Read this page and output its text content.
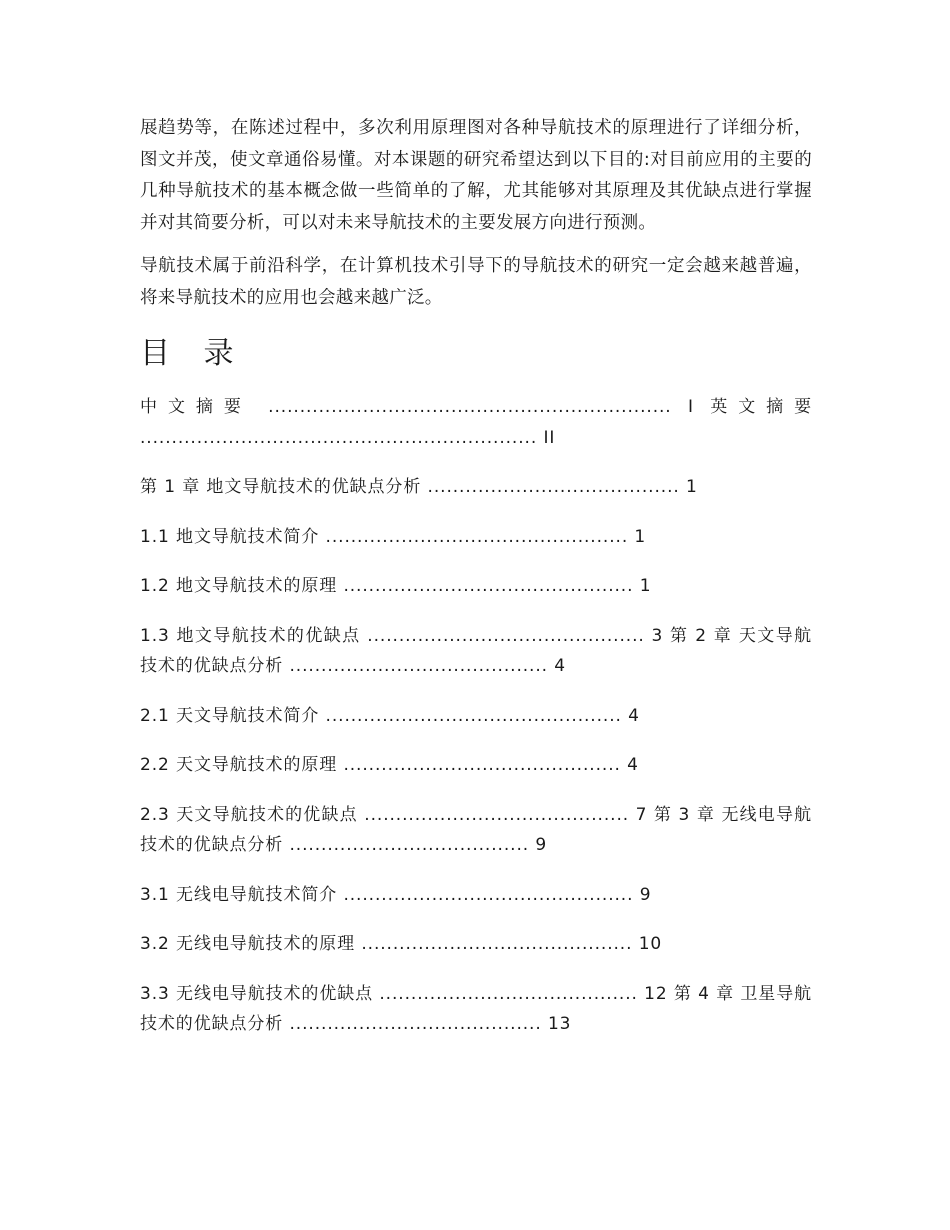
展趋势等，在陈述过程中，多次利用原理图对各种导航技术的原理进行了详细分析，图文并茂，使文章通俗易懂。对本课题的研究希望达到以下目的:对目前应用的主要的几种导航技术的基本概念做一些简单的了解，尤其能够对其原理及其优缺点进行掌握并对其简要分析，可以对未来导航技术的主要发展方向进行预测。

导航技术属于前沿科学，在计算机技术引导下的导航技术的研究一定会越来越普遍，将来导航技术的应用也会越来越广泛。

目 录

中文摘要 ................................................................ I 英文摘要 ............................................................... II

第 1 章 地文导航技术的优缺点分析 ........................................ 1

1.1 地文导航技术简介 ................................................ 1

1.2 地文导航技术的原理 .............................................. 1

1.3 地文导航技术的优缺点 ............................................ 3 第 2 章 天文导航技术的优缺点分析 ......................................... 4

2.1 天文导航技术简介 ............................................... 4

2.2 天文导航技术的原理 ............................................ 4

2.3 天文导航技术的优缺点 .......................................... 7 第 3 章 无线电导航技术的优缺点分析 ...................................... 9

3.1 无线电导航技术简介 .............................................. 9

3.2 无线电导航技术的原理 ........................................... 10

3.3 无线电导航技术的优缺点 ......................................... 12 第 4 章 卫星导航技术的优缺点分析 ........................................ 13
